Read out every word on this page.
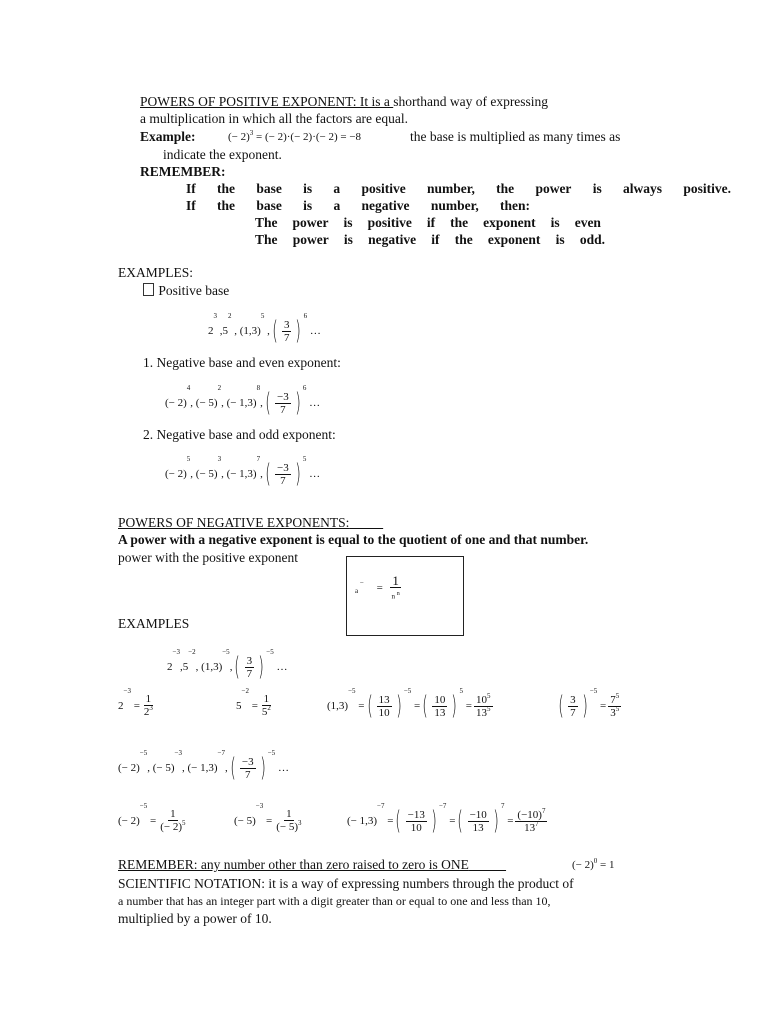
POWERS OF POSITIVE EXPONENT: It is a shorthand way of expressing
a multiplication in which all the factors are equal.
Example:	(− 2)$^3$ = (− 2)·(− 2)·(− 2) = −8	the base is multiplied as many times as
indicate the exponent.
REMEMBER:
If the base is a positive number, the power is always positive.
If the base is a negative number, then:
The power is positive if the exponent is even
The power is negative if the exponent is odd.
EXAMPLES:
Positive base
2
3
,5
2
, (1,3)
5
, ( 3
7 ) 6
…
1. Negative base and even exponent:
(− 2)
4
, (− 5)
2
, (− 1,3)
8
, ( −3
7 ) 6
…
2. Negative base and odd exponent:
(− 2)
5
, (− 5)
3
, (− 1,3)
7
, ( −3
7 ) 5
…
POWERS OF NEGATIVE EXPONENTS:
A power with a negative exponent is equal to the quotient of one and that number.
power with the positive exponent
a − =
1
n $^n$
EXAMPLES
2
−3
,5
−2
, (1,3)
−5
, ( 3
7 ) −5
…
2
−3
=
1
$2^3$	5
−2
=
1
$5^2$	(1,3)
−5
= ( 13
10 ) −5
= ( 10
13 ) 5
=
$10^5$
$13^5$	( 3
7 ) −5
=
$7^5$
$3^5$
(− 2)
−5
, (− 5)
−3
, (− 1,3)
−7
, ( −3
7 ) −5
…
(− 2)
−5
=
1
(− 2)$^5$	(− 5)
−3
=
1
(− 5)$^3$	(− 1,3)
−7
= ( −13
10 ) −7
= ( −10
13 ) 7
=
$(-10)^7$
$13^7$
REMEMBER: any number other than zero raised to zero is ONE	(− 2)$^0$ = 1
SCIENTIFIC NOTATION: it is a way of expressing numbers through the product of
a number that has an integer part with a digit greater than or equal to one and less than 10,
multiplied by a power of 10.
